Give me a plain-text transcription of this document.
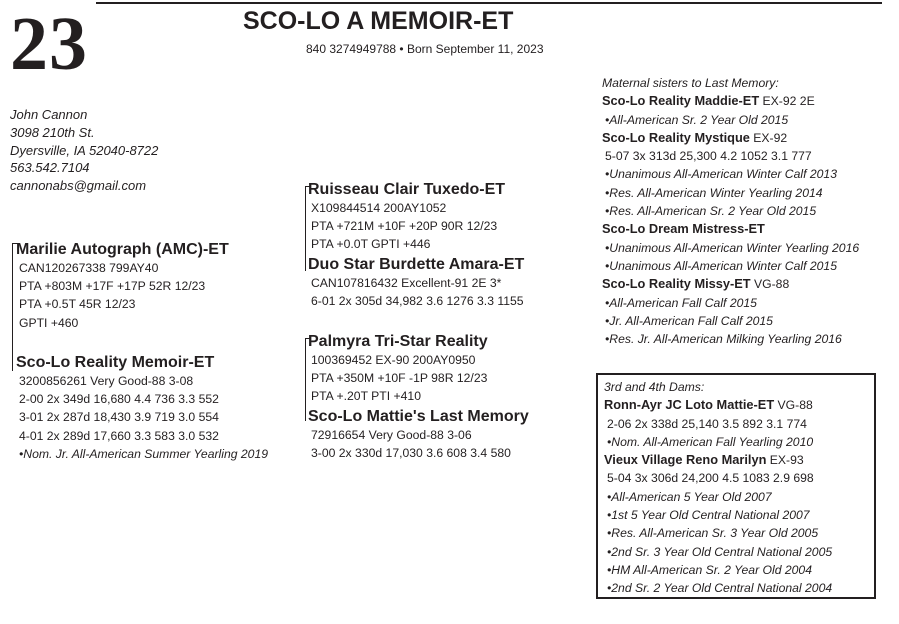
23	SCO-LO A MEMOIR-ET
840 3274949788 • Born September 11, 2023
John Cannon
3098 210th St.
Dyersville, IA 52040-8722
563.542.7104
cannonabs@gmail.com
Marilie Autograph (AMC)-ET
CAN120267338 799AY40
PTA +803M +17F +17P 52R 12/23
PTA +0.5T 45R 12/23
GPTI +460
Sco-Lo Reality Memoir-ET
3200856261 Very Good-88 3-08
2-00 2x 349d 16,680 4.4 736 3.3 552
3-01 2x 287d 18,430 3.9 719 3.0 554
4-01 2x 289d 17,660 3.3 583 3.0 532
•Nom. Jr. All-American Summer Yearling 2019
Ruisseau Clair Tuxedo-ET
X109844514 200AY1052
PTA +721M +10F +20P 90R 12/23
PTA +0.0T GPTI +446
Duo Star Burdette Amara-ET
CAN107816432 Excellent-91 2E 3*
6-01 2x 305d 34,982 3.6 1276 3.3 1155
Palmyra Tri-Star Reality
100369452 EX-90 200AY0950
PTA +350M +10F -1P 98R 12/23
PTA +.20T PTI +410
Sco-Lo Mattie's Last Memory
72916654 Very Good-88 3-06
3-00 2x 330d 17,030 3.6 608 3.4 580
Maternal sisters to Last Memory:
Sco-Lo Reality Maddie-ET EX-92 2E
•All-American Sr. 2 Year Old 2015
Sco-Lo Reality Mystique EX-92
5-07 3x 313d 25,300 4.2 1052 3.1 777
•Unanimous All-American Winter Calf 2013
•Res. All-American Winter Yearling 2014
•Res. All-American Sr. 2 Year Old 2015
Sco-Lo Dream Mistress-ET
•Unanimous All-American Winter Yearling 2016
•Unanimous All-American Winter Calf 2015
Sco-Lo Reality Missy-ET VG-88
•All-American Fall Calf 2015
•Jr. All-American Fall Calf 2015
•Res. Jr. All-American Milking Yearling 2016
3rd and 4th Dams:
Ronn-Ayr JC Loto Mattie-ET VG-88
2-06 2x 338d 25,140 3.5 892 3.1 774
•Nom. All-American Fall Yearling 2010
Vieux Village Reno Marilyn EX-93
5-04 3x 306d 24,200 4.5 1083 2.9 698
•All-American 5 Year Old 2007
•1st 5 Year Old Central National 2007
•Res. All-American Sr. 3 Year Old 2005
•2nd Sr. 3 Year Old Central National 2005
•HM All-American Sr. 2 Year Old 2004
•2nd Sr. 2 Year Old Central National 2004
